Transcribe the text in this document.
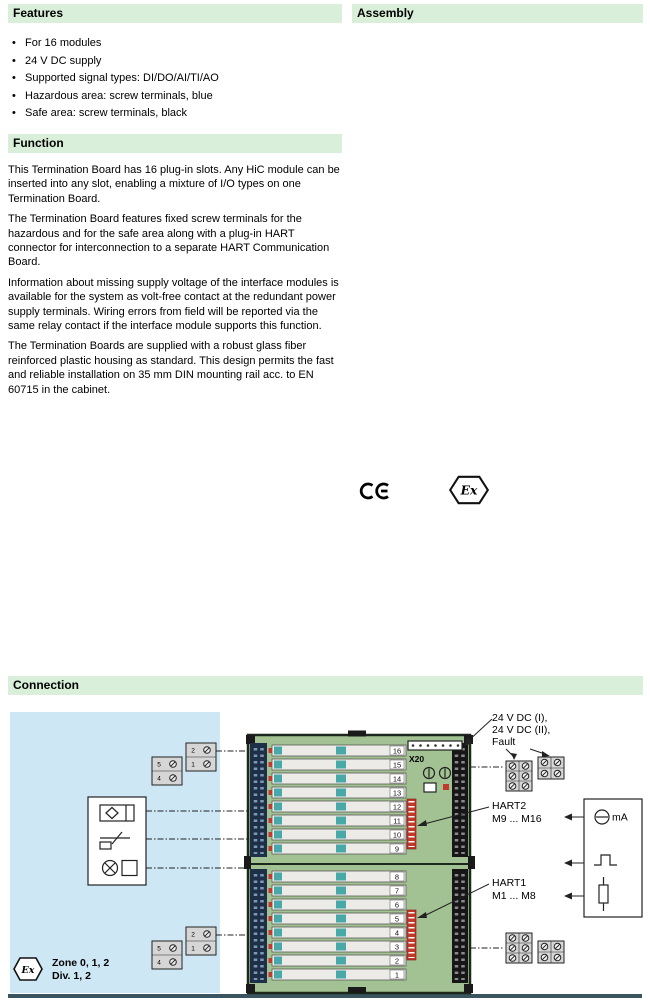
Features	Assembly
Function
Connection
• For 16 modules
• 24 V DC supply
• Supported signal types: DI/DO/AI/TI/AO
• Hazardous area: screw terminals, blue
• Safe area: screw terminals, black

This Termination Board has 16 plug-in slots. Any HiC module can be inserted into any slot, enabling a mixture of I/O types on one Termination Board.

The Termination Board features fixed screw terminals for the hazardous and for the safe area along with a plug-in HART connector for interconnection to a separate HART Communication Board.

Information about missing supply voltage of the interface modules is available for the system as volt-free contact at the redundant power supply terminals. Wiring errors from field will be reported via the same relay contact if the interface module supports this function.

The Termination Boards are supplied with a robust glass fiber reinforced plastic housing as standard. This design permits the fast and reliable installation on 35 mm DIN mounting rail acc. to EN 60715 in the cabinet.

Ex
2
1
5
4
2
1
5
4
Ex
Zone 0, 1, 2
Div. 1, 2
16
15
14
13
12
11
10
9
8
7
6
5
4
3
2
1
X20
24 V DC (I),
24 V DC (II),
Fault
HART2
M9 ... M16
HART1
M1 ... M8
mA
